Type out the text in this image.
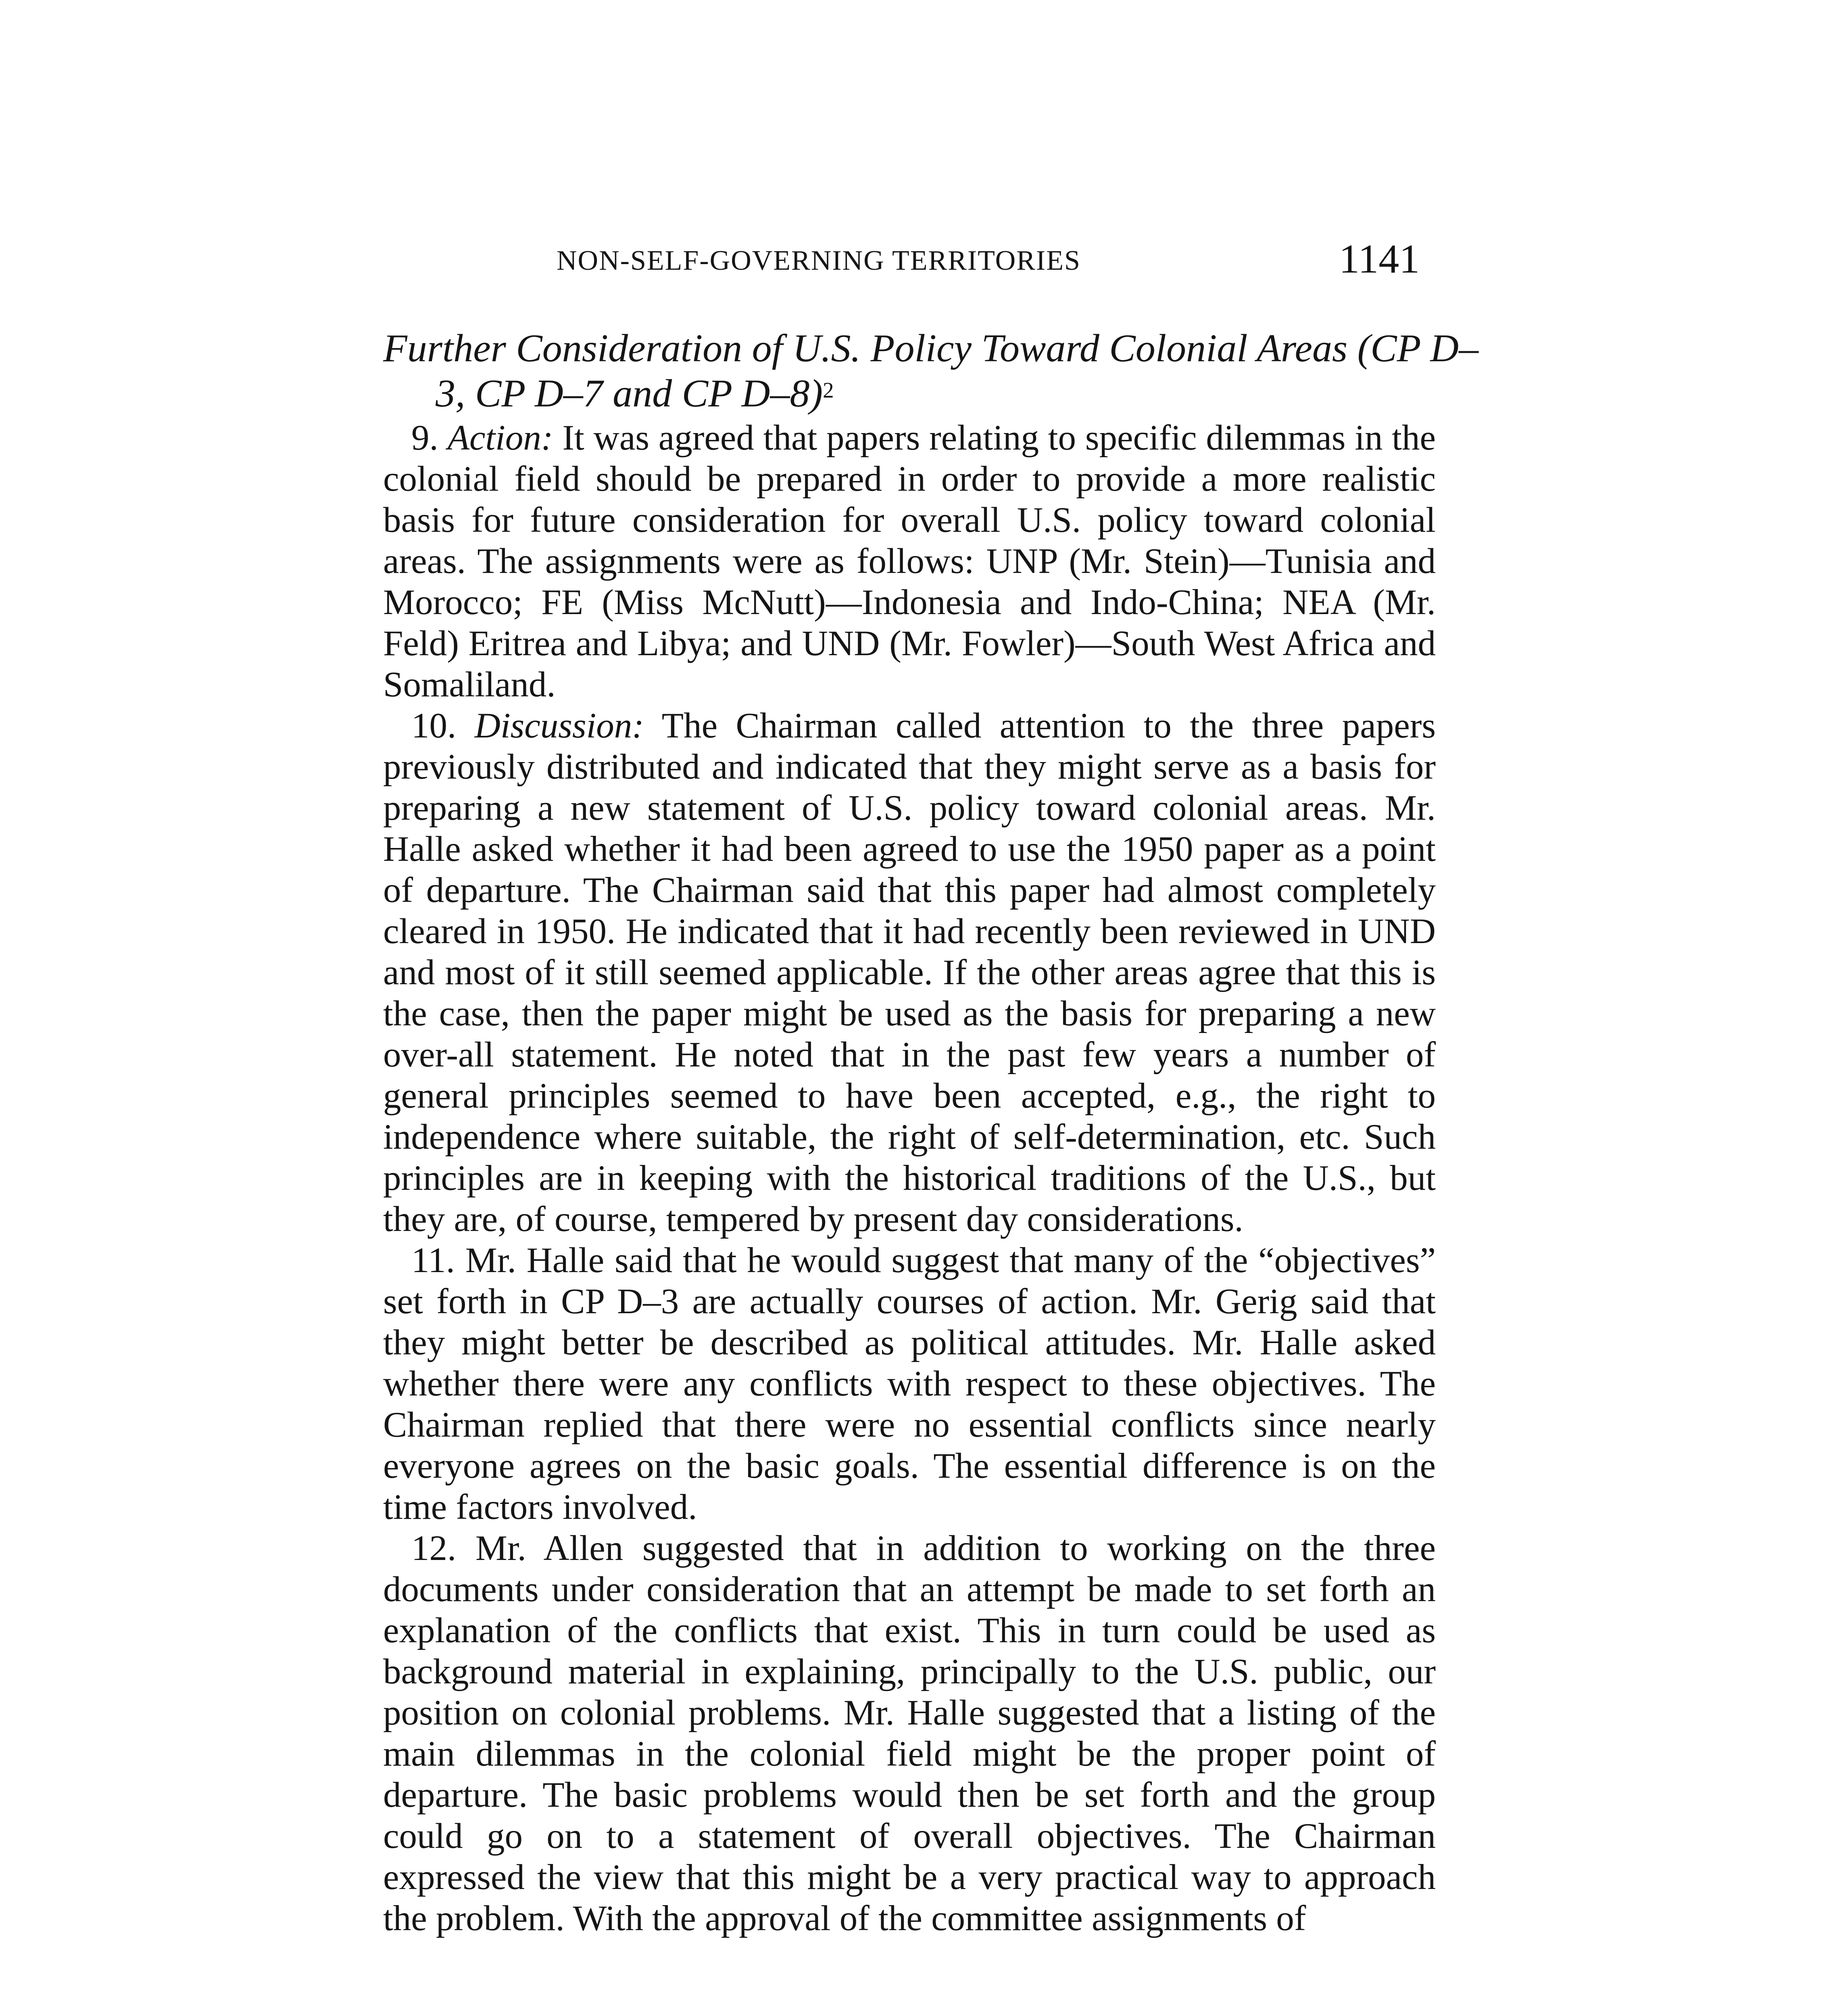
NON-SELF-GOVERNING TERRITORIES	1141
Further Consideration of U.S. Policy Toward Colonial Areas (CP D–3, CP D–7 and CP D–8)$^2$

9. Action: It was agreed that papers relating to specific dilemmas in the colonial field should be prepared in order to provide a more realistic basis for future consideration for overall U.S. policy toward colonial areas. The assignments were as follows: UNP (Mr. Stein)—Tunisia and Morocco; FE (Miss McNutt)—Indonesia and Indo-China; NEA (Mr. Feld) Eritrea and Libya; and UND (Mr. Fowler)—South West Africa and Somaliland.

10. Discussion: The Chairman called attention to the three papers previously distributed and indicated that they might serve as a basis for preparing a new statement of U.S. policy toward colonial areas. Mr. Halle asked whether it had been agreed to use the 1950 paper as a point of departure. The Chairman said that this paper had almost completely cleared in 1950. He indicated that it had recently been reviewed in UND and most of it still seemed applicable. If the other areas agree that this is the case, then the paper might be used as the basis for preparing a new over-all statement. He noted that in the past few years a number of general principles seemed to have been accepted, e.g., the right to independence where suitable, the right of self-determination, etc. Such principles are in keeping with the historical traditions of the U.S., but they are, of course, tempered by present day considerations.

11. Mr. Halle said that he would suggest that many of the “objectives” set forth in CP D–3 are actually courses of action. Mr. Gerig said that they might better be described as political attitudes. Mr. Halle asked whether there were any conflicts with respect to these objectives. The Chairman replied that there were no essential conflicts since nearly everyone agrees on the basic goals. The essential difference is on the time factors involved.

12. Mr. Allen suggested that in addition to working on the three documents under consideration that an attempt be made to set forth an explanation of the conflicts that exist. This in turn could be used as background material in explaining, principally to the U.S. public, our position on colonial problems. Mr. Halle suggested that a listing of the main dilemmas in the colonial field might be the proper point of departure. The basic problems would then be set forth and the group could go on to a statement of overall objectives. The Chairman expressed the view that this might be a very practical way to approach the problem. With the approval of the committee assignments of
